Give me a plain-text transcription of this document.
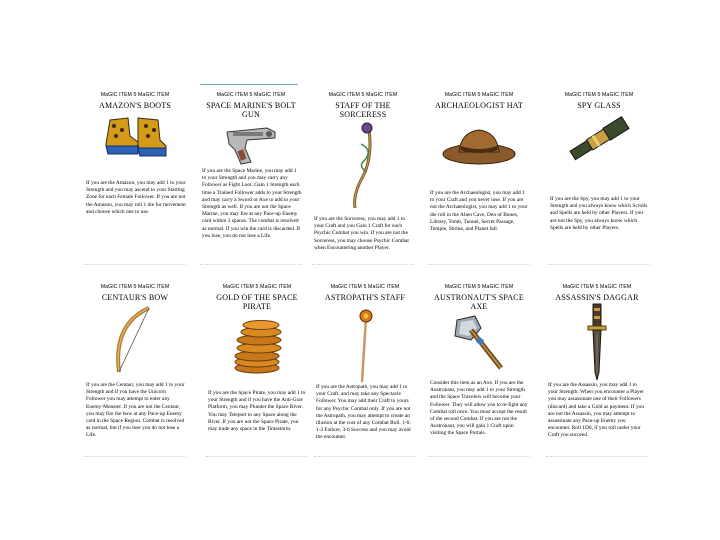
MaGIC ITEM 5 MaGIC ITEM
AMAZON'S BOOTS
If you are the Amazon, you may add 1 to your Strength and you may ascend to your Starting Zone for each Female Follower. If you are not the Amazon, you may roll 1 die for movement and choose which one to use.
MaGIC ITEM 5 MaGIC ITEM
SPACE MARINE'S BOLT GUN
If you are the Space Marine, you may add 1 to your Strength and you may carry any Follower as Fight Loot. Gain 1 Strength each time a Trained Follower adds to your Strength and may carry a Sword or Axe to add to your Strength as well. If you are not the Space Marine, you may fire at any Pace-up Enemy card within 3 spaces. The combat is resolved as normal. If you win the card is discarded. If you lose, you do not lose a Life.
MaGIC ITEM 5 MaGIC ITEM
STAFF OF THE SORCERESS
If you are the Sorceress, you may add 1 to your Craft and you Gain 1 Craft for each Psychic Combat you win. If you are not the Sorceress, you may choose Psychic Combat when Encountering another Player.
MaGIC ITEM 5 MaGIC ITEM
ARCHAEOLOGIST HAT
If you are the Archaeologist, you may add 1 to your Craft and you never lose. If you are not the Archaeologist, you may add 1 to your die roll in the Alien Cave, Den of Bones, Library, Tomb, Tunnel, Secret Passage, Temple, Shrine, and Planet fall.
MaGIC ITEM 5 MaGIC ITEM
SPY GLASS
If you are the Spy, you may add 1 to your Strength and you always know which Scrolls and Spells are held by other Players. If you are not the Spy, you always know which Spells are held by other Players.
MaGIC ITEM 5 MaGIC ITEM
CENTAUR'S BOW
If you are the Centaur, you may add 1 to your Strength and if you have the Unicorn Follower you may attempt to enter any Enemy-Monster. If you are not the Centaur, you may fire the bow at any Pace-up Enemy card in the Space Region. Combat is resolved as normal, but if you lose you do not lose a Life.
MaGIC ITEM 5 MaGIC ITEM
GOLD OF THE SPACE PIRATE
If you are the Space Pirate, you may add 1 to your Strength and if you have the Anti-Grav Platform, you may Plunder the Space River. You may Teleport to any Space along the River. If you are not the Space Pirate, you may trade any space in the Timestorm.
MaGIC ITEM 5 MaGIC ITEM
ASTROPATH'S STAFF
If you are the Astropath, you may add 1 to your Craft, and may take any Spectacle Follower. You may add their Craft to yours for any Psychic Combat only. If you are not the Astropath, you may attempt to create an illusion at the cost of any Combat Roll. 1-6: 1-2 Failure, 3-6 Success and you may avoid the encounter.
MaGIC ITEM 5 MaGIC ITEM
AUSTRONAUT'S SPACE AXE
Consider this item as an Axe. If you are the Austronaut, you may add 1 to your Strength and the Space Travelers will become your Follower. They will allow you to re-fight any Combat roll once. You must accept the result of the second Combat. If you are not the Austronaut, you will gain 1 Craft upon visiting the Space Portals.
MaGIC ITEM 5 MaGIC ITEM
ASSASSIN'S DAGGAR
If you are the Assassin, you may add 1 to your Strength. When you encounter a Player you may assassinate one of their Followers (discard) and take a Gold as payment. If you are not the Assassin, you may attempt to assassinate any Pace-up Enemy you encounter. Roll 1D6, if you roll under your Craft you succeed.
